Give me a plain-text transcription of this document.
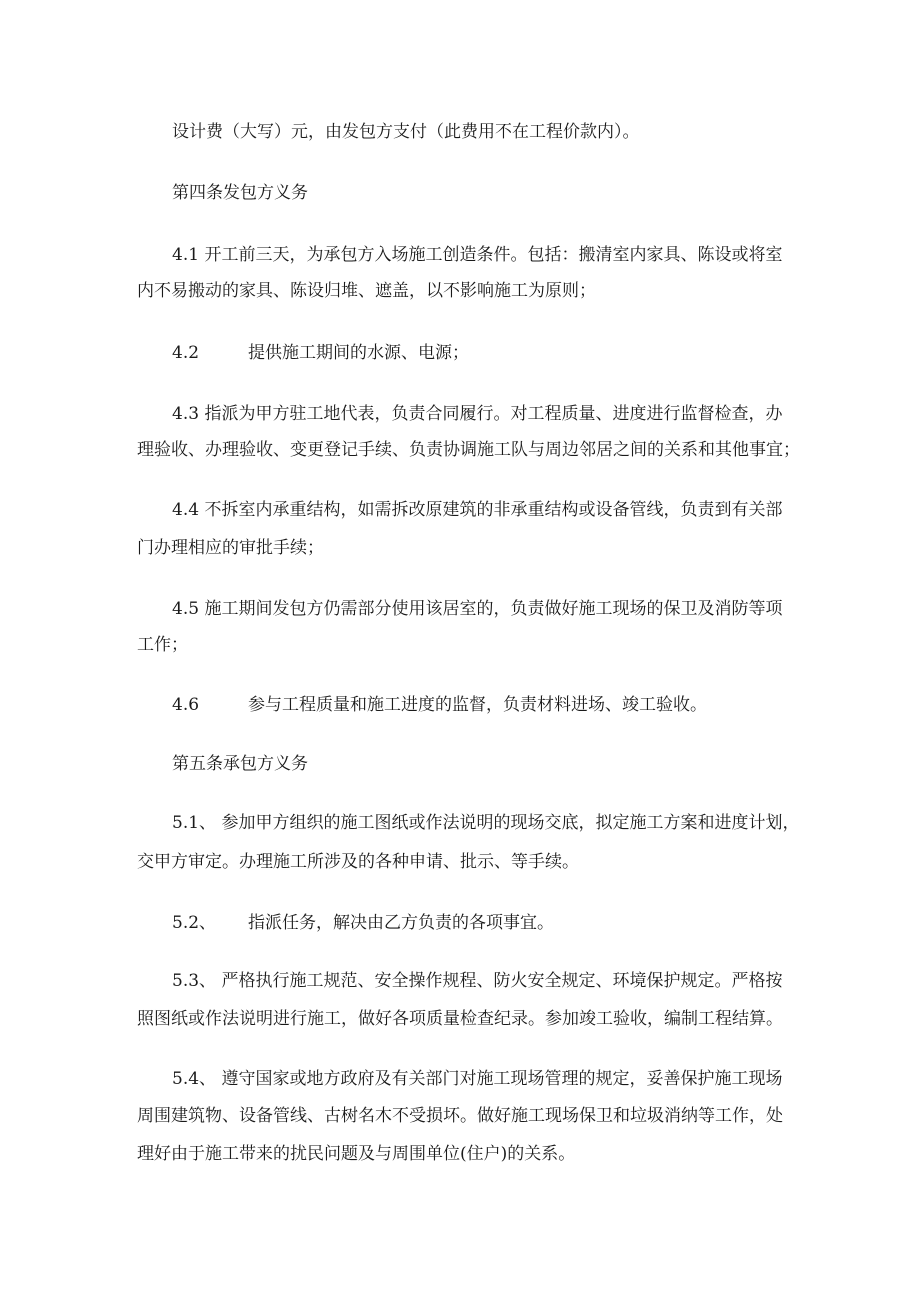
设计费（大写）元，由发包方支付（此费用不在工程价款内）。

第四条发包方义务

4.1 开工前三天，为承包方入场施工创造条件。包括：搬清室内家具、陈设或将室

内不易搬动的家具、陈设归堆、遮盖，以不影响施工为原则；

4.2	提供施工期间的水源、电源；

4.3 指派为甲方驻工地代表，负责合同履行。对工程质量、进度进行监督检查，办

理验收、办理验收、变更登记手续、负责协调施工队与周边邻居之间的关系和其他事宜；

4.4 不拆室内承重结构，如需拆改原建筑的非承重结构或设备管线，负责到有关部

门办理相应的审批手续；

4.5 施工期间发包方仍需部分使用该居室的，负责做好施工现场的保卫及消防等项

工作；

4.6	参与工程质量和施工进度的监督，负责材料进场、竣工验收。

第五条承包方义务

5.1、 参加甲方组织的施工图纸或作法说明的现场交底，拟定施工方案和进度计划，

交甲方审定。办理施工所涉及的各种申请、批示、等手续。

5.2、 指派任务，解决由乙方负责的各项事宜。

5.3、 严格执行施工规范、安全操作规程、防火安全规定、环境保护规定。严格按

照图纸或作法说明进行施工，做好各项质量检查纪录。参加竣工验收，编制工程结算。

5.4、 遵守国家或地方政府及有关部门对施工现场管理的规定，妥善保护施工现场

周围建筑物、设备管线、古树名木不受损坏。做好施工现场保卫和垃圾消纳等工作，处

理好由于施工带来的扰民问题及与周围单位(住户)的关系。
